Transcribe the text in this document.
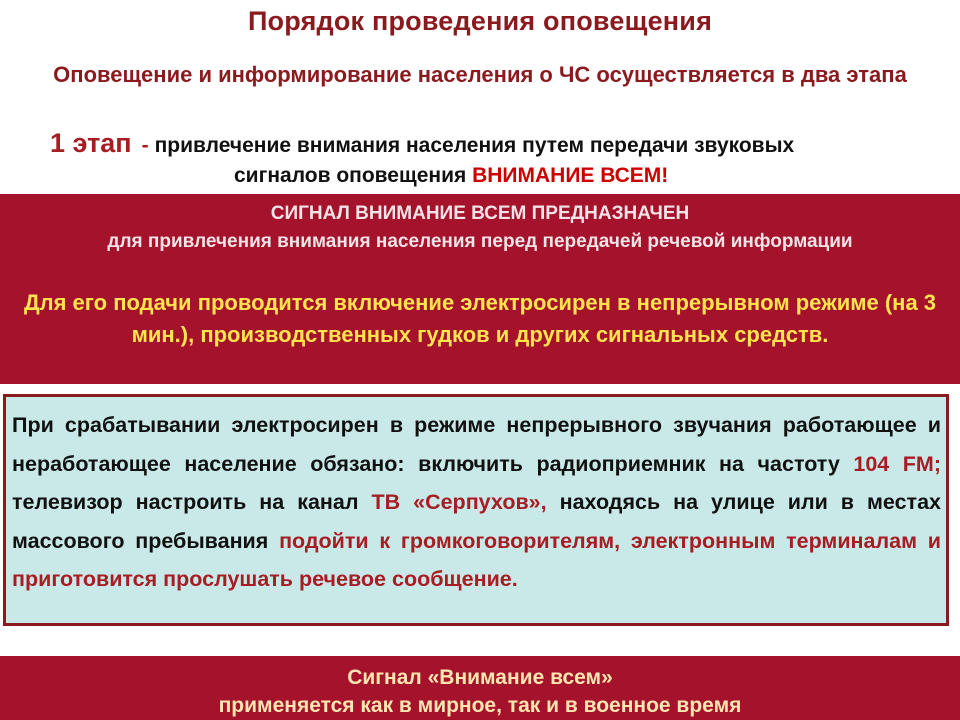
Порядок проведения оповещения
Оповещение и информирование населения о ЧС осуществляется в два этапа
1 этап - привлечение внимания населения путем передачи звуковых
сигналов оповещения ВНИМАНИЕ ВСЕМ!
СИГНАЛ ВНИМАНИЕ ВСЕМ ПРЕДНАЗНАЧЕН
для привлечения внимания населения перед передачей речевой информации
Для его подачи проводится включение электросирен в непрерывном режиме (на 3 мин.), производственных гудков и других сигнальных средств.
При срабатывании электросирен в режиме непрерывного звучания работающее и неработающее население обязано: включить радиоприемник на частоту 104 FM; телевизор настроить на канал ТВ «Серпухов», находясь на улице или в местах массового пребывания подойти к громкоговорителям, электронным терминалам и приготовится прослушать речевое сообщение.
Сигнал «Внимание всем»
применяется как в мирное, так и в военное время
